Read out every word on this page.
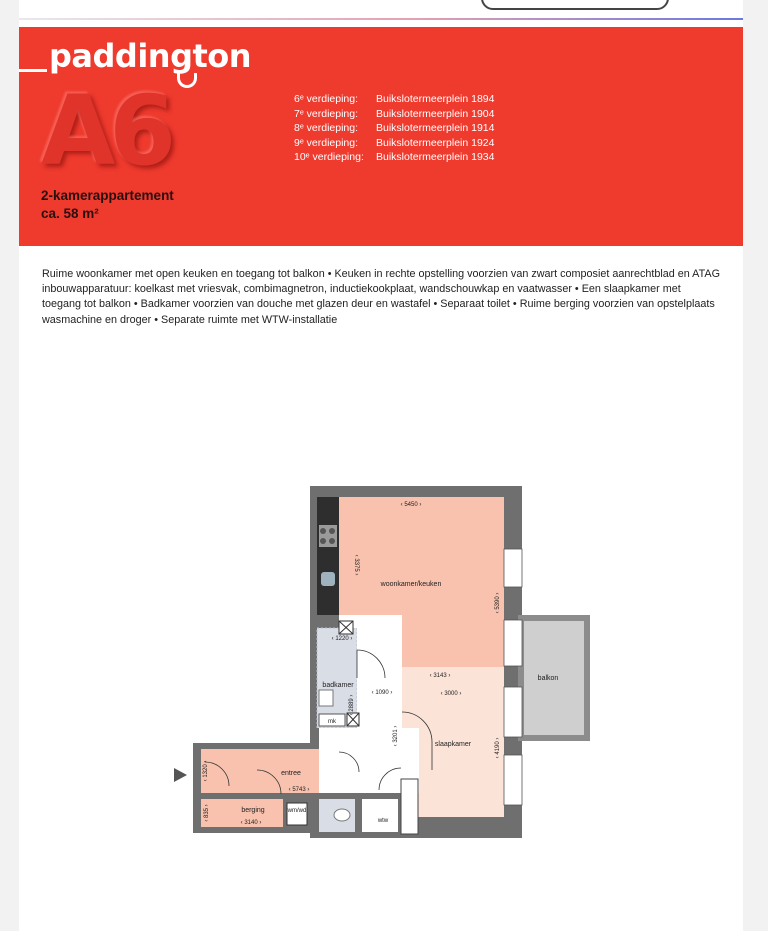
paddington
A6
2-kamerappartement
ca. 58 m²
6ᵉ verdieping:	Buikslotermeerplein 1894
7ᵉ verdieping:	Buikslotermeerplein 1904
8ᵉ verdieping:	Buikslotermeerplein 1914
9ᵉ verdieping:	Buikslotermeerplein 1924
10ᵉ verdieping:	Buikslotermeerplein 1934
Ruime woonkamer met open keuken en toegang tot balkon • Keuken in rechte opstelling voorzien van zwart composiet aanrechtblad en ATAG inbouwapparatuur: koelkast met vriesvak, combimagnetron, inductiekookplaat, wandschouwkap en vaatwasser • Een slaapkamer met toegang tot balkon • Badkamer voorzien van douche met glazen deur en wastafel • Separaat toilet • Ruime berging voorzien van opstelplaats wasmachine en droger • Separate ruimte met WTW-installatie
woonkamer/keuken
balkon
badkamer
slaapkamer
entree
berging	wm/wd
wtw
mk
‹ 5450 ›
‹ 3375 ›
‹ 5390 ›
‹ 3143 ›
‹ 1220 ›
‹ 2889 ›
‹ 1090 ›	‹ 3000 ›
‹ 3201 ›
‹ 4190 ›
‹ 5743 ›
‹ 1320 ›
‹ 3140 ›
‹ 835 ›
